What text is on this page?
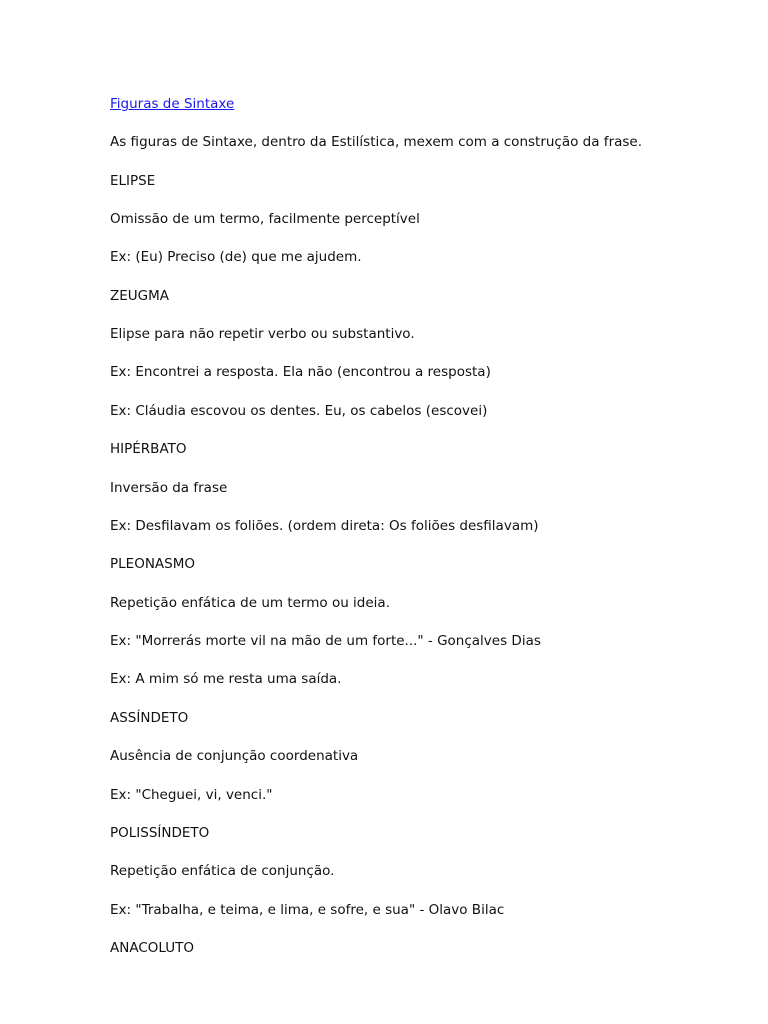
Figuras de Sintaxe
As figuras de Sintaxe, dentro da Estilística, mexem com a construção da frase.
ELIPSE
Omissão de um termo, facilmente perceptível
Ex: (Eu) Preciso (de) que me ajudem.
ZEUGMA
Elipse para não repetir verbo ou substantivo.
Ex: Encontrei a resposta. Ela não (encontrou a resposta)
Ex: Cláudia escovou os dentes. Eu, os cabelos (escovei)
HIPÉRBATO
Inversão da frase
Ex: Desfilavam os foliões. (ordem direta: Os foliões desfilavam)
PLEONASMO
Repetição enfática de um termo ou ideia.
Ex: "Morrerás morte vil na mão de um forte..." - Gonçalves Dias
Ex: A mim só me resta uma saída.
ASSÍNDETO
Ausência de conjunção coordenativa
Ex: "Cheguei, vi, venci."
POLISSÍNDETO
Repetição enfática de conjunção.
Ex: "Trabalha, e teima, e lima, e sofre, e sua" - Olavo Bilac
ANACOLUTO
